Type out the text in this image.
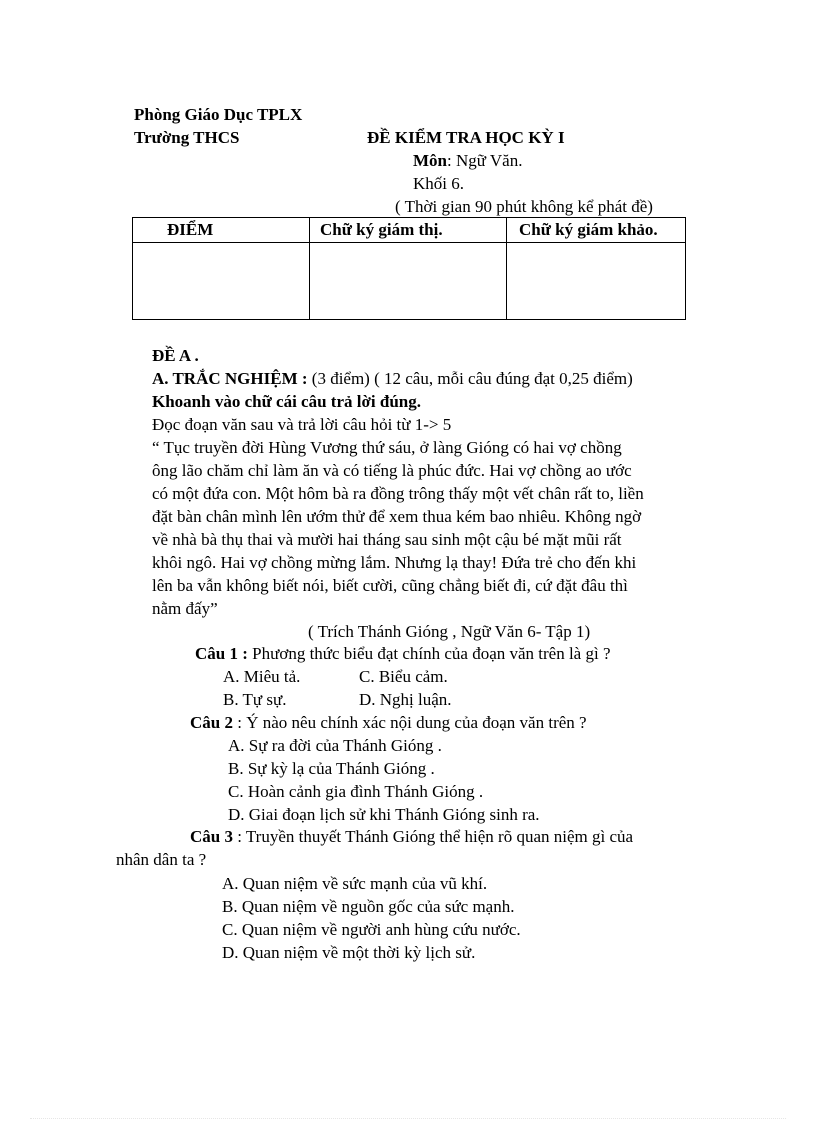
Phòng Giáo Dục TPLX
Trường THCS	ĐỀ KIỂM TRA HỌC KỲ I
Môn: Ngữ Văn.
Khối 6.
( Thời gian 90 phút không kể phát đề)
ĐIỂM	Chữ ký giám thị.	Chữ ký giám khảo.

ĐỀ A .
A. TRẮC NGHIỆM : (3 điểm) ( 12 câu, mỗi câu đúng đạt 0,25 điểm)
Khoanh vào chữ cái câu trả lời đúng.
Đọc đoạn văn sau và trả lời câu hỏi từ 1-> 5
“ Tục truyền đời Hùng Vương thứ sáu, ở làng Gióng có hai vợ chồng
ông lão chăm chỉ làm ăn và có tiếng là phúc đức. Hai vợ chồng ao ước
có một đứa con. Một hôm bà ra đồng trông thấy một vết chân rất to, liền
đặt bàn chân mình lên ướm thử để xem thua kém bao nhiêu. Không ngờ
về nhà bà thụ thai và mười hai tháng sau sinh một cậu bé mặt mũi rất
khôi ngô. Hai vợ chồng mừng lắm. Nhưng lạ thay! Đứa trẻ cho đến khi
lên ba vẫn không biết nói, biết cười, cũng chẳng biết đi, cứ đặt đâu thì
nằm đấy”
( Trích Thánh Gióng , Ngữ Văn 6- Tập 1)
Câu 1 : Phương thức biểu đạt chính của đoạn văn trên là gì ?
A. Miêu tả.	C. Biểu cảm.
B. Tự sự.	D. Nghị luận.
Câu 2 : Ý nào nêu chính xác nội dung của đoạn văn trên ?
A. Sự ra đời của Thánh Gióng .
B. Sự kỳ lạ của Thánh Gióng .
C. Hoàn cảnh gia đình Thánh Gióng .
D. Giai đoạn lịch sử khi Thánh Gióng sinh ra.
Câu 3 : Truyền thuyết Thánh Gióng thể hiện rõ quan niệm gì của
nhân dân ta ?
A. Quan niệm về sức mạnh của vũ khí.
B. Quan niệm về nguồn gốc của sức mạnh.
C. Quan niệm về người anh hùng cứu nước.
D. Quan niệm về một thời kỳ lịch sử.
